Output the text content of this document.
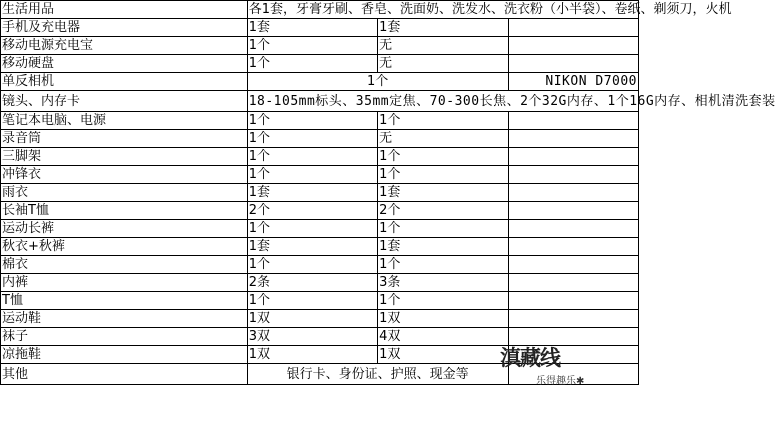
生活用品	各1套，牙膏牙刷、香皂、洗面奶、洗发水、洗衣粉（小半袋）、卷纸、剃须刀，火机		
手机及充电器	1套	1套	
移动电源充电宝	1个	无	
移动硬盘	1个	无	
单反相机	1个		NIKON D7000
镜头、内存卡	18-105mm标头、35mm定焦、70-300长焦、2个32G内存、1个16G内存、相机清洗套装		
笔记本电脑、电源	1个	1个	
录音筒	1个	无	
三脚架	1个	1个	
冲锋衣	1个	1个	
雨衣	1套	1套	
长袖T恤	2个	2个	
运动长裤	1个	1个	
秋衣+秋裤	1套	1套	
棉衣	1个	1个	
内裤	2条	3条	
T恤	1个	1个	
运动鞋	1双	1双	
袜子	3双	4双	
凉拖鞋	1双	1双	
其他	银行卡、身份证、护照、现金等		
滇藏线
乐得趣乐✱
